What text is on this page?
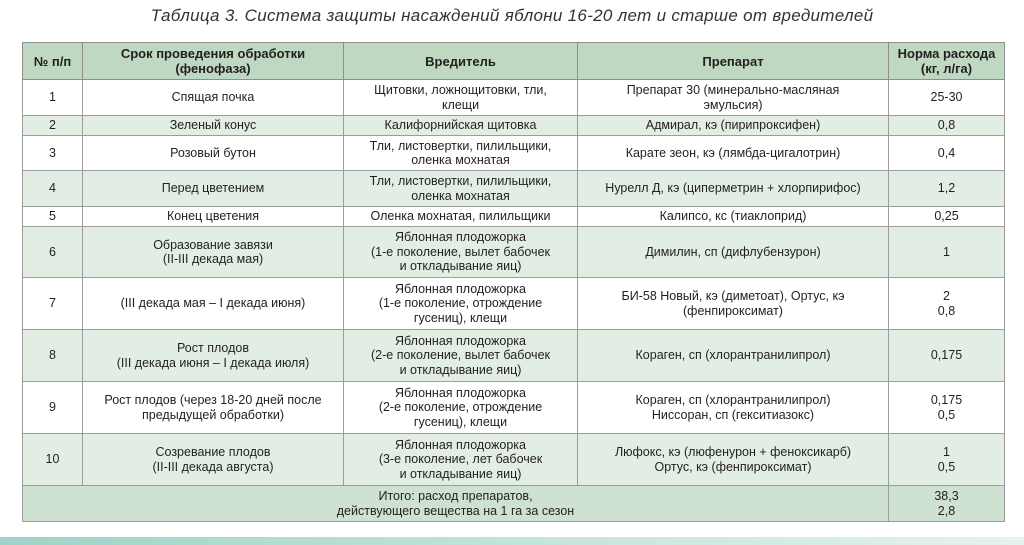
Таблица 3. Система защиты насаждений яблони 16-20 лет и старше от вредителей
№ п/п	Срок проведения обработки
(фенофаза)	Вредитель	Препарат	Норма расхода
(кг, л/га)

1	Спящая почка	Щитовки, ложнощитовки, тли,
клещи	Препарат 30 (минерально-масляная
эмульсия)	25-30

2	Зеленый конус	Калифорнийская щитовка	Адмирал, кэ (пирипроксифен)	0,8

3	Розовый бутон	Тли, листовертки, пилильщики,
оленка мохнатая	Карате зеон, кэ (лямбда-цигалотрин)	0,4

4	Перед цветением	Тли, листовертки, пилильщики,
оленка мохнатая	Нурелл Д, кэ (циперметрин + хлорпирифос)	1,2

5	Конец цветения	Оленка мохнатая, пилильщики	Калипсо, кс (тиаклоприд)	0,25

6	Образование завязи
(II-III декада мая)	Яблонная плодожорка
(1-е поколение, вылет бабочек
и откладывание яиц)	Димилин, сп (дифлубензурон)	1

7	(III декада мая – I декада июня)	Яблонная плодожорка
(1-е поколение, отрождение
гусениц), клещи	БИ-58 Новый, кэ (диметоат), Ортус, кэ
(фенпироксимат)	2
0,8

8	Рост плодов
(III декада июня – I декада июля)	Яблонная плодожорка
(2-е поколение, вылет бабочек
и откладывание яиц)	Кораген, сп (хлорантранилипрол)	0,175

9	Рост плодов (через 18-20 дней после
предыдущей обработки)	Яблонная плодожорка
(2-е поколение, отрождение
гусениц), клещи	Кораген, сп (хлорантранилипрол)
Ниссоран, сп (гекситиазокс)	0,175
0,5

10	Созревание плодов
(II-III декада августа)	Яблонная плодожорка
(3-е поколение, лет бабочек
и откладывание яиц)	Люфокс, кэ (люфенурон + феноксикарб)
Ортус, кэ (фенпироксимат)	1
0,5

Итого: расход препаратов,
действующего вещества на 1 га за сезон				38,3
2,8
